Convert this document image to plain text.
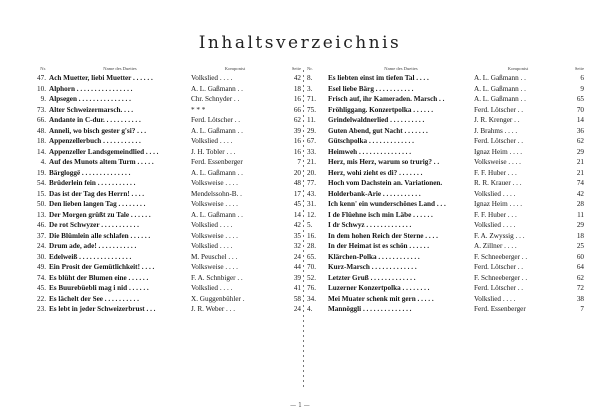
Inhaltsverzeichnis
Nr.	Name des Duettes	Komponist	Seite
47. Ach Muetter, liebi Muetter . . . . . .	Volkslied . . . .	42
10. Alphorn . . . . . . . . . . . . . . . .	A. L. Gaßmann . .	18
9. Alpsegen . . . . . . . . . . . . . . .	Chr. Schnyder . .	16
73. Alter Schweizermarsch. . . .	* * *	66
66. Andante in C-dur. . . . . . . . . . .	Ferd. Lötscher . .	62
48. Anneli, wo bisch gester g'si? . . .	A. L. Gaßmann . .	39
18. Appenzellerbuch . . . . . . . . . . .	Volkslied . . . .	16
14. Appenzeller Landsgemeindlied . . . .	J. H. Tobler . . .	16
4. Auf des Munots altem Turm . . . . .	Ferd. Essenberger	7
19. Bärgloggë . . . . . . . . . . . . . .	A. L. Gaßmann . .	20
54. Brüderlein fein . . . . . . . . . . .	Volksweise . . . .	48
15. Das ist der Tag des Herrn! . . . .	Mendelssohn-B. .	17
50. Den lieben langen Tag . . . . . . . .	Volksweise . . . .	45
13. Der Morgen grüßt zu Tale . . . . . .	A. L. Gaßmann . .	14
46. De rot Schwyzer . . . . . . . . . . .	Volkslied . . . .	42
37. Die Blümlein alle schlafen . . . . . .	Volksweise . . . .	35
24. Drum ade, ade! . . . . . . . . . . .	Volkslied . . . .	32
30. Edelweiß . . . . . . . . . . . . . . .	M. Peuschel . . .	24
49. Ein Prosit der Gemütlichkeit! . . . .	Volksweise . . . .	44
74. Es blüht der Blumen eine . . . . . .	F. A. Schnbiger . .	39
45. Es Buurebüebli mag i nid . . . . . .	Volkslied . . . .	41
22. Es lächelt der See . . . . . . . . . .	X. Guggenbühler .	58
23. Es lebt in jeder Schweizerbrust . . .	J. R. Weber . . .	24
Nr.	Name des Duettes	Komponist	Seite
8.	Es liebten einst im tiefen Tal . . . .	A. L. Gaßmann . .	6
3.	Esel liebe Bärg . . . . . . . . . . .	A. L. Gaßmann . .	9
71.	Frisch auf, ihr Kameraden. Marsch . .	A. L. Gaßmann . .	65
75.	Fröhliggang. Konzertpolka . . . . . .	Ferd. Lötscher . .	70
11.	Grindelwaldnerlied . . . . . . . . . .	J. R. Krenger . .	14
29.	Guten Abend, gut Nacht . . . . . . .	J. Brahms . . . .	36
67.	Gütschpolka . . . . . . . . . . . . .	Ferd. Lötscher . .	62
33.	Heimweh . . . . . . . . . . . . . . .	Ignaz Heim . . . .	29
21.	Herz, mis Herz, warum so trurig? . .	Volksweise . . . .	21
20.	Herz, wohi zieht es di? . . . . . . .	F. F. Huber . . .	21
77.	Hoch vom Dachstein an. Variationen.	R. R. Krauer . . .	74
43.	Holderbank-Arie . . . . . . . . . . .	Volkslied . . . .	42
31.	Ich kenn' ein wunderschönes Land . . .	Ignaz Heim . . . .	28
12.	I de Flüehne isch min Läbe . . . . . .	F. F. Huber . . .	11
5.	I dr Schwyz . . . . . . . . . . . . .	Volkslied . . . .	29
16.	In dem hohen Reich der Sterne . . . .	F. A. Zwyssig . . .	18
28.	In der Heimat ist es schön . . . . . .	A. Zillner . . . .	25
65.	Klärchen-Polka . . . . . . . . . . . .	F. Schneeberger . .	60
70.	Kurz-Marsch . . . . . . . . . . . . .	Ferd. Lötscher . .	64
52.	Letzter Gruß . . . . . . . . . . . . .	F. Schneeberger . .	62
76.	Luzerner Konzertpolka . . . . . . . .	Ferd. Lötscher . .	72
34.	Mei Muater schenk mit gern . . . . .	Volkslied . . . .	38
4.	Mannöggli . . . . . . . . . . . . . .	Ferd. Essenberger	7
— 1 —
